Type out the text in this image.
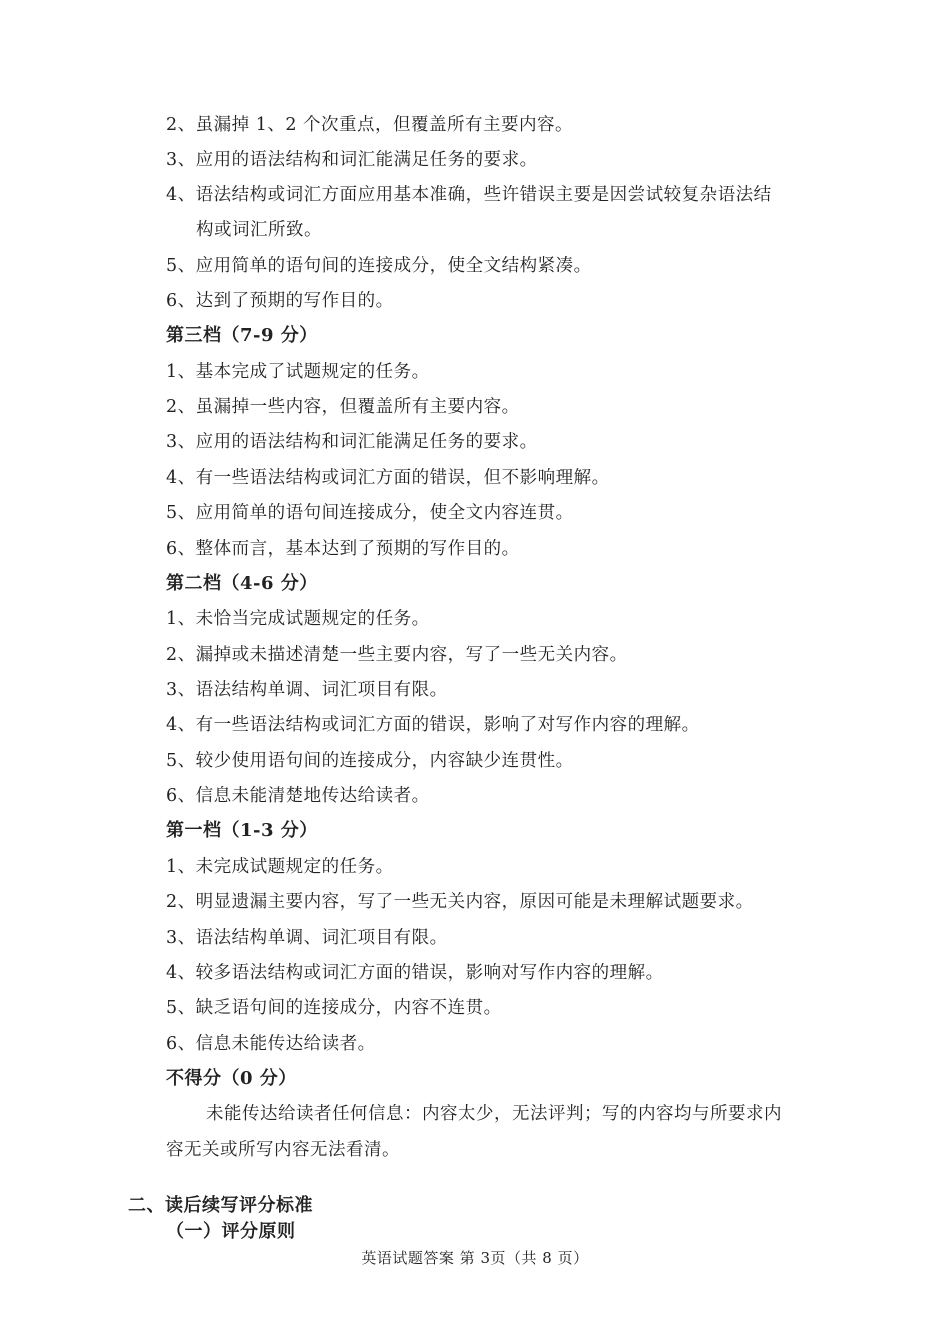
2、虽漏掉 1、2 个次重点，但覆盖所有主要内容。
3、应用的语法结构和词汇能满足任务的要求。
4、语法结构或词汇方面应用基本准确，些许错误主要是因尝试较复杂语法结
构或词汇所致。
5、应用简单的语句间的连接成分，使全文结构紧凑。
6、达到了预期的写作目的。
第三档（7-9 分）
1、基本完成了试题规定的任务。
2、虽漏掉一些内容，但覆盖所有主要内容。
3、应用的语法结构和词汇能满足任务的要求。
4、有一些语法结构或词汇方面的错误，但不影响理解。
5、应用简单的语句间连接成分，使全文内容连贯。
6、整体而言，基本达到了预期的写作目的。
第二档（4-6 分）
1、未恰当完成试题规定的任务。
2、漏掉或未描述清楚一些主要内容，写了一些无关内容。
3、语法结构单调、词汇项目有限。
4、有一些语法结构或词汇方面的错误，影响了对写作内容的理解。
5、较少使用语句间的连接成分，内容缺少连贯性。
6、信息未能清楚地传达给读者。
第一档（1-3 分）
1、未完成试题规定的任务。
2、明显遗漏主要内容，写了一些无关内容，原因可能是未理解试题要求。
3、语法结构单调、词汇项目有限。
4、较多语法结构或词汇方面的错误，影响对写作内容的理解。
5、缺乏语句间的连接成分，内容不连贯。
6、信息未能传达给读者。
不得分（0 分）
未能传达给读者任何信息：内容太少，无法评判；写的内容均与所要求内
容无关或所写内容无法看清。
二、读后续写评分标准
（一）评分原则
英语试题答案 第 3页（共 8 页）
